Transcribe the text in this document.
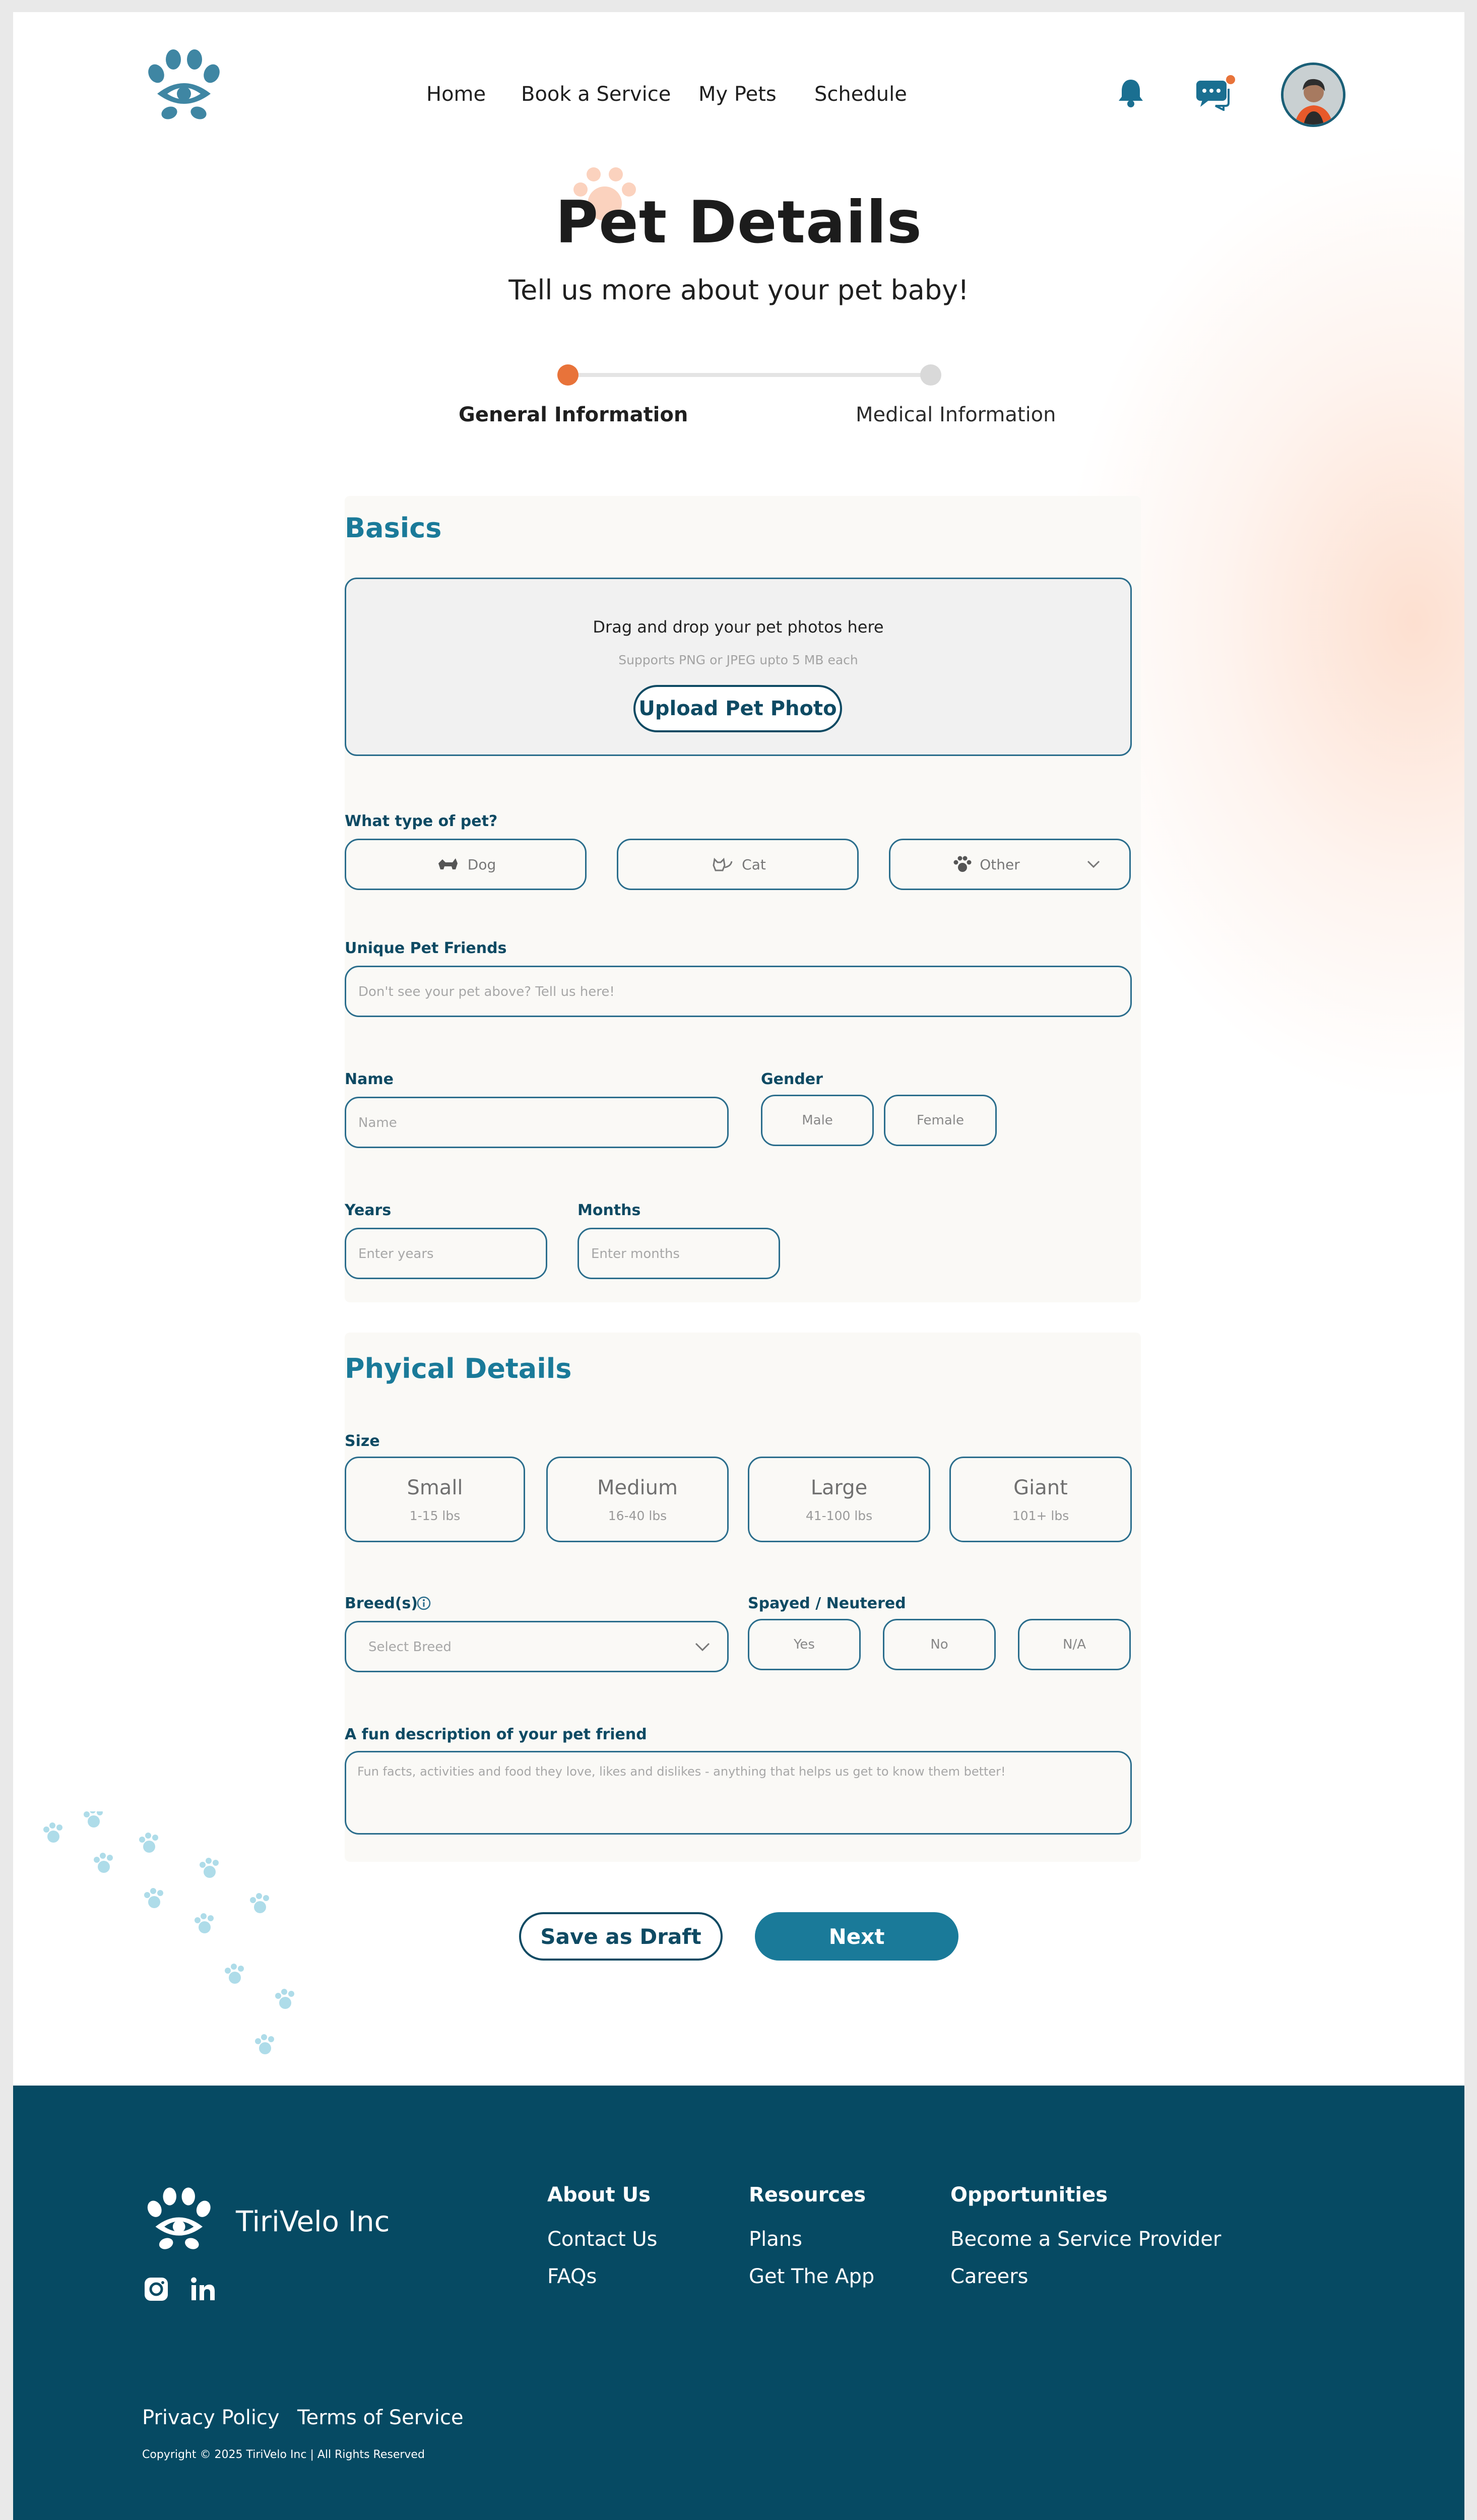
Home Book a Service My Pets Schedule
Pet Details
Tell us more about your pet baby!
General Information	Medical Information
Basics
Drag and drop your pet photos here
Supports PNG or JPEG upto 5 MB each
Upload Pet Photo
What type of pet?
Dog	Cat	Other
Unique Pet Friends
Don't see your pet above? Tell us here!
Name
Name
Gender
Male	Female
Years
Enter years
Months
Enter months
Phyical Details
Size
Small
1-15 lbs
Medium
16-40 lbs
Large
41-100 lbs
Giant
101+ lbs
Breed(s)
Select Breed
Spayed / Neutered
Yes	No	N/A
A fun description of your pet friend
Fun facts, activities and food they love, likes and dislikes - anything that helps us get to know them better!
Save as Draft	Next
TiriVelo Inc
About Us
Contact Us
FAQs
Resources
Plans
Get The App
Opportunities
Become a Service Provider
Careers
Privacy Policy Terms of Service
Copyright © 2025 TiriVelo Inc | All Rights Reserved
